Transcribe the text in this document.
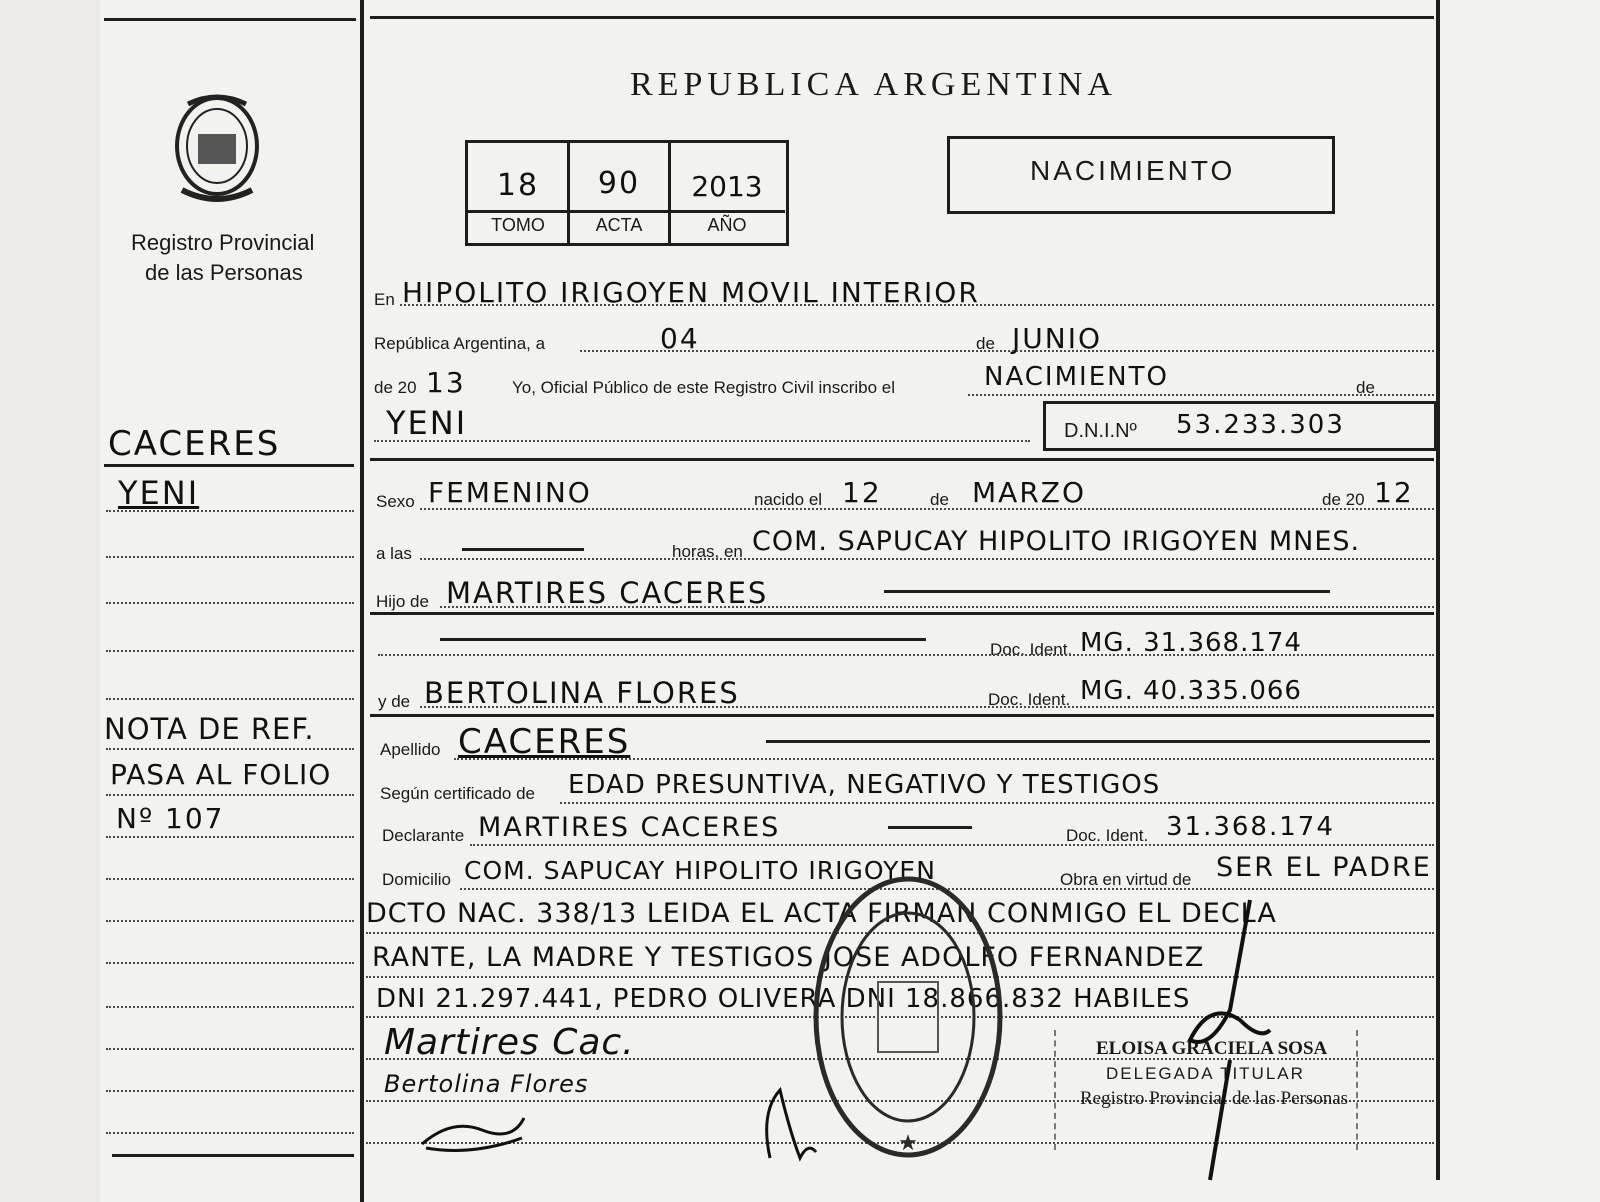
Registro Provincial
de las Personas
CACERES
YENI
NOTA DE REF.
PASA AL FOLIO
Nº 107
REPUBLICA ARGENTINA
18	90	2013
TOMO	ACTA	AÑO
NACIMIENTO
En HIPOLITO IRIGOYEN MOVIL INTERIOR
República Argentina, a	04	de JUNIO
de 20 13	Yo, Oficial Público de este Registro Civil inscribo el	NACIMIENTO	de
YENI	D.N.I.Nº 53.233.303
Sexo FEMENINO	nacido el 12	de MARZO	de 20 12
a las	horas, en COM. SAPUCAY HIPOLITO IRIGOYEN MNES.
Hijo de MARTIRES CACERES
Doc. Ident. MG. 31.368.174
y de BERTOLINA FLORES	Doc. Ident. MG. 40.335.066
Apellido CACERES
Según certificado de EDAD PRESUNTIVA, NEGATIVO Y TESTIGOS
Declarante MARTIRES CACERES	Doc. Ident. 31.368.174
Domicilio COM. SAPUCAY HIPOLITO IRIGOYEN	Obra en virtud de SER EL PADRE
DCTO NAC. 338/13 LEIDA EL ACTA FIRMAN CONMIGO EL DECLA
RANTE, LA MADRE Y TESTIGOS JOSE ADOLFO FERNANDEZ
DNI 21.297.441, PEDRO OLIVERA DNI 18.866.832 HABILES
Martires Cac.
Bertolina Flores
★
ELOISA GRACIELA SOSA
DELEGADA TITULAR
Registro Provincial de las Personas
